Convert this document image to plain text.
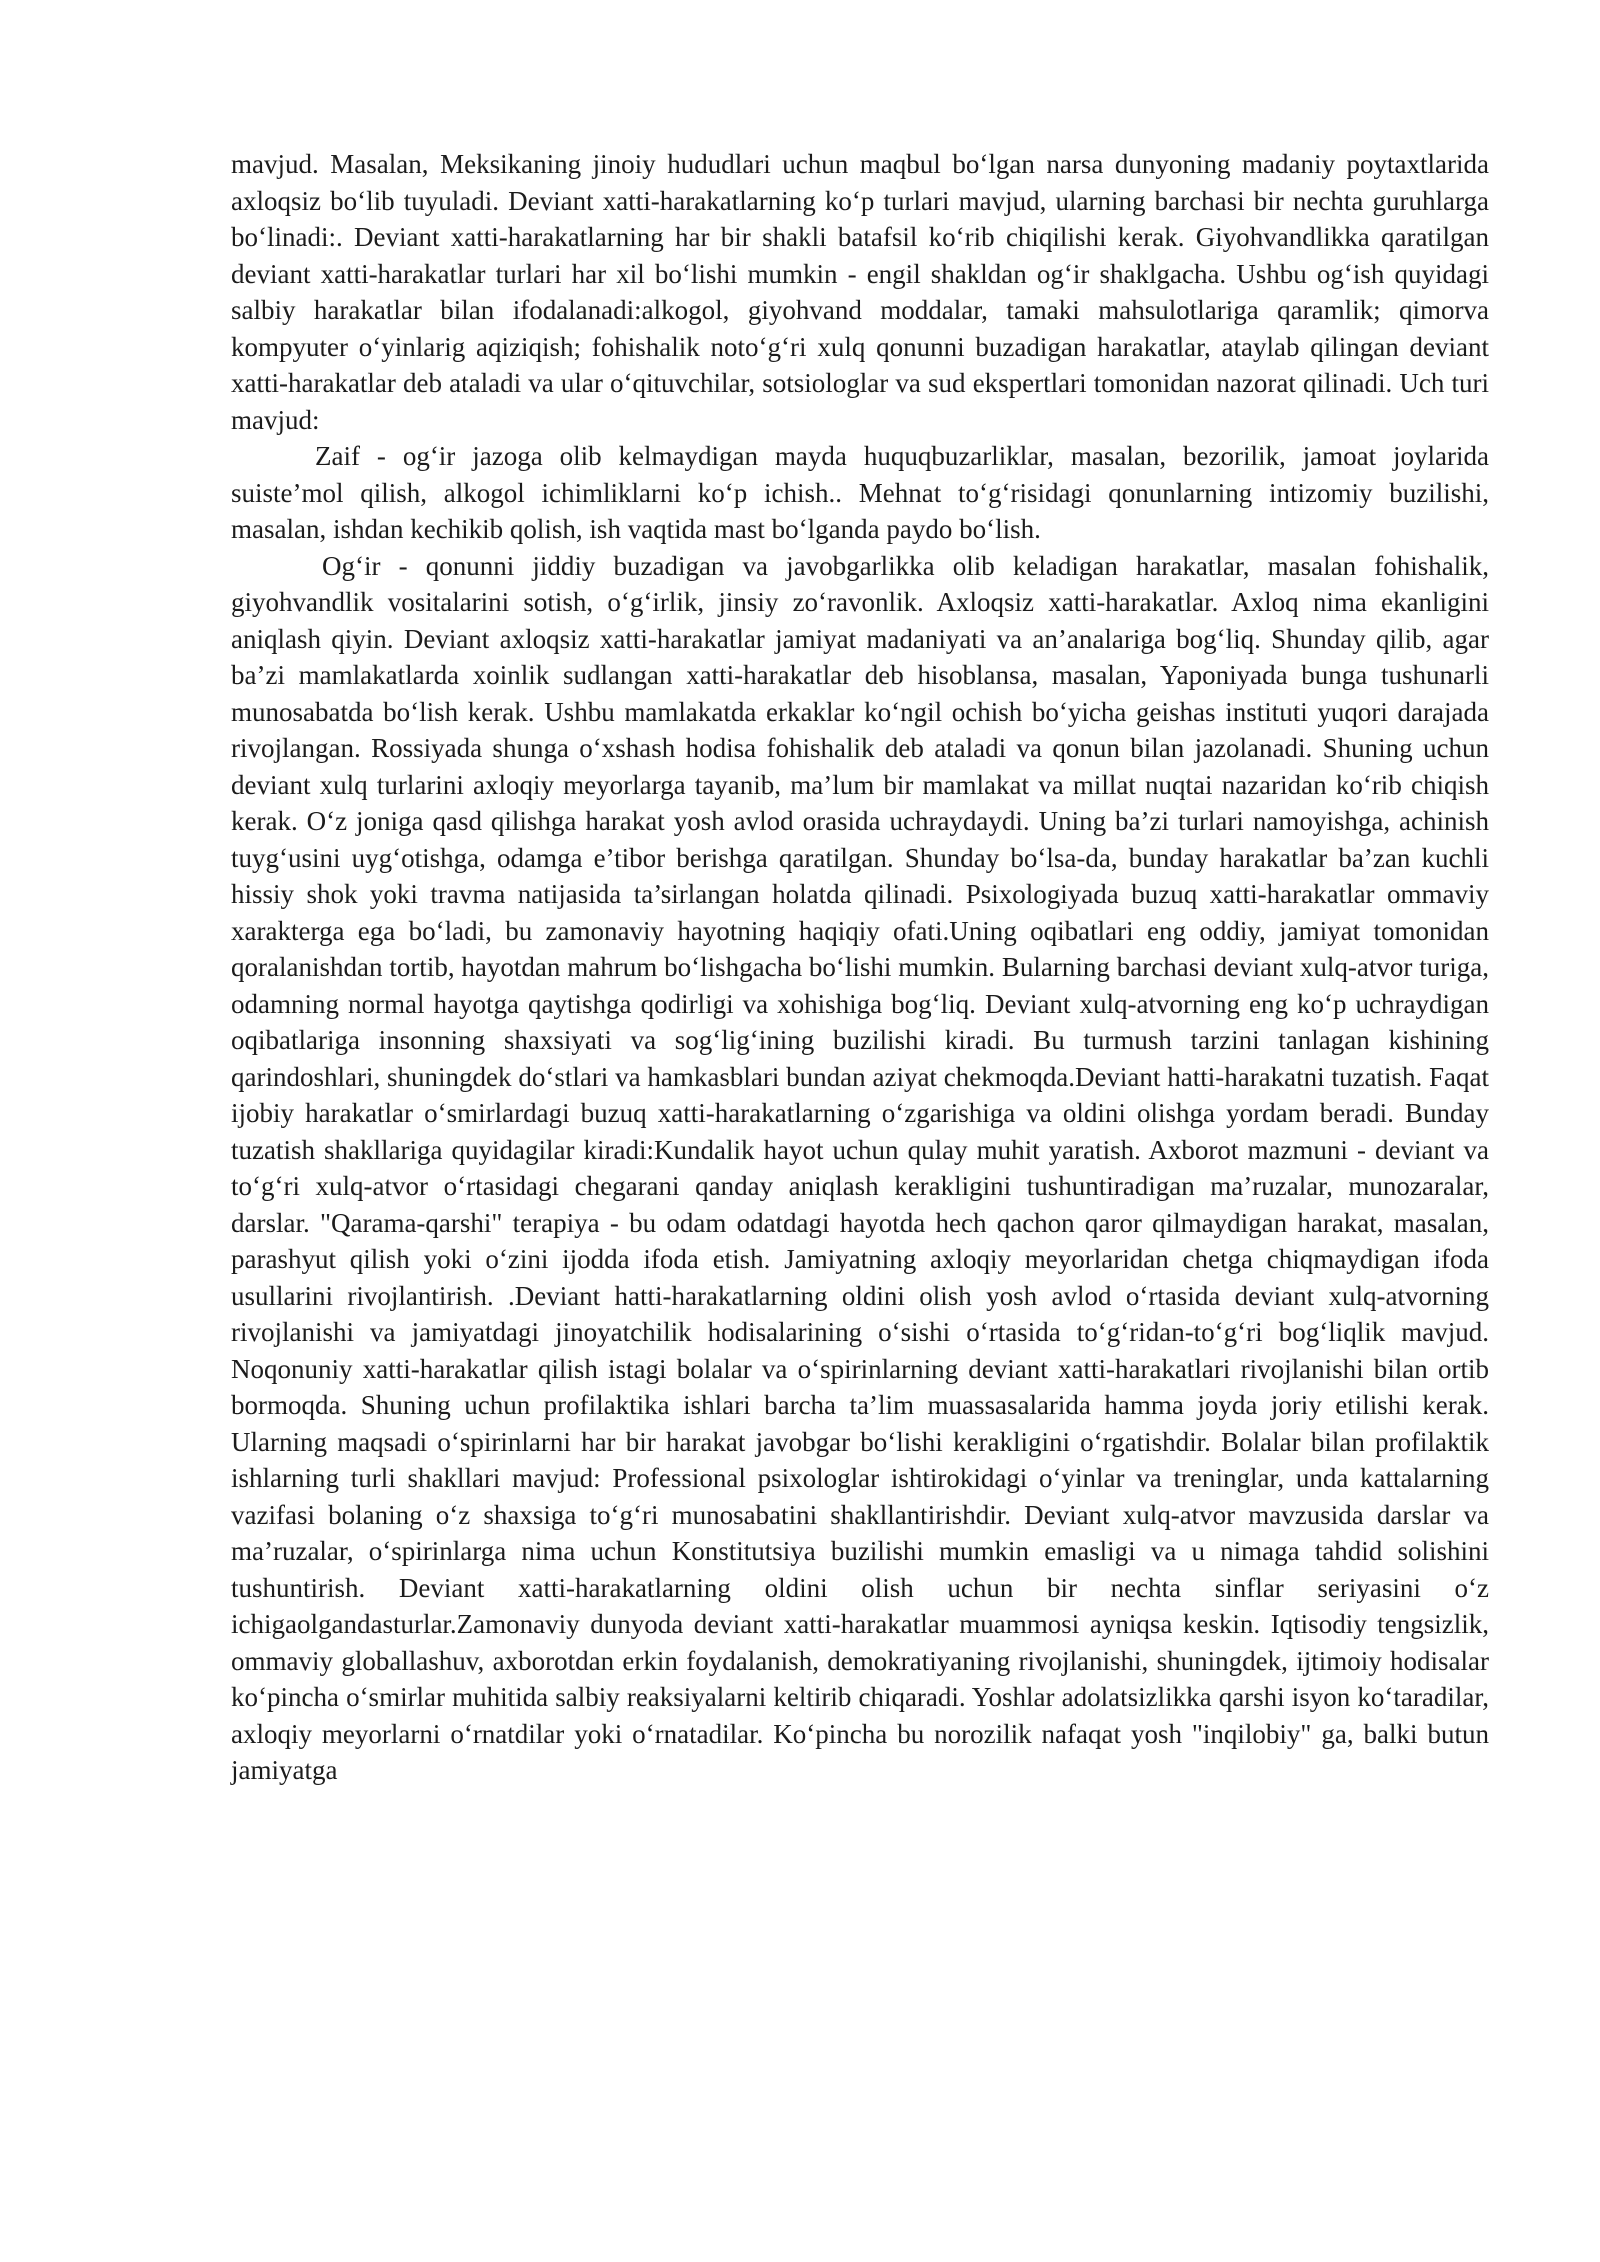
mavjud. Masalan, Meksikaning jinoiy hududlari uchun maqbul bo‘lgan narsa dunyoning madaniy poytaxtlarida axloqsiz bo‘lib tuyuladi. Deviant xatti-harakatlarning ko‘p turlari mavjud, ularning barchasi bir nechta guruhlarga bo‘linadi:. Deviant xatti-harakatlarning har bir shakli batafsil ko‘rib chiqilishi kerak. Giyohvandlikka qaratilgan deviant xatti-harakatlar turlari har xil bo‘lishi mumkin - engil shakldan og‘ir shaklgacha. Ushbu og‘ish quyidagi salbiy harakatlar bilan ifodalanadi:alkogol, giyohvand moddalar, tamaki mahsulotlariga qaramlik; qimorva kompyuter o‘yinlarig aqiziqish; fohishalik noto‘g‘ri xulq qonunni buzadigan harakatlar, ataylab qilingan deviant xatti-harakatlar deb ataladi va ular o‘qituvchilar, sotsiologlar va sud ekspertlari tomonidan nazorat qilinadi. Uch turi mavjud:

Zaif - og‘ir jazoga olib kelmaydigan mayda huquqbuzarliklar, masalan, bezorilik, jamoat joylarida suiste’mol qilish, alkogol ichimliklarni ko‘p ichish.. Mehnat to‘g‘risidagi qonunlarning intizomiy buzilishi, masalan, ishdan kechikib qolish, ish vaqtida mast bo‘lganda paydo bo‘lish.

Og‘ir - qonunni jiddiy buzadigan va javobgarlikka olib keladigan harakatlar, masalan fohishalik, giyohvandlik vositalarini sotish, o‘g‘irlik, jinsiy zo‘ravonlik. Axloqsiz xatti-harakatlar. Axloq nima ekanligini aniqlash qiyin. Deviant axloqsiz xatti-harakatlar jamiyat madaniyati va an’analariga bog‘liq. Shunday qilib, agar ba’zi mamlakatlarda xoinlik sudlangan xatti-harakatlar deb hisoblansa, masalan, Yaponiyada bunga tushunarli munosabatda bo‘lish kerak. Ushbu mamlakatda erkaklar ko‘ngil ochish bo‘yicha geishas instituti yuqori darajada rivojlangan. Rossiyada shunga o‘xshash hodisa fohishalik deb ataladi va qonun bilan jazolanadi. Shuning uchun deviant xulq turlarini axloqiy meyorlarga tayanib, ma’lum bir mamlakat va millat nuqtai nazaridan ko‘rib chiqish kerak. O‘z joniga qasd qilishga harakat yosh avlod orasida uchraydaydi. Uning ba’zi turlari namoyishga, achinish tuyg‘usini uyg‘otishga, odamga e’tibor berishga qaratilgan. Shunday bo‘lsa-da, bunday harakatlar ba’zan kuchli hissiy shok yoki travma natijasida ta’sirlangan holatda qilinadi. Psixologiyada buzuq xatti-harakatlar ommaviy xarakterga ega bo‘ladi, bu zamonaviy hayotning haqiqiy ofati.Uning oqibatlari eng oddiy, jamiyat tomonidan qoralanishdan tortib, hayotdan mahrum bo‘lishgacha bo‘lishi mumkin. Bularning barchasi deviant xulq-atvor turiga, odamning normal hayotga qaytishga qodirligi va xohishiga bog‘liq. Deviant xulq-atvorning eng ko‘p uchraydigan oqibatlariga insonning shaxsiyati va sog‘lig‘ining buzilishi kiradi. Bu turmush tarzini tanlagan kishining qarindoshlari, shuningdek do‘stlari va hamkasblari bundan aziyat chekmoqda.Deviant hatti-harakatni tuzatish. Faqat ijobiy harakatlar o‘smirlardagi buzuq xatti-harakatlarning o‘zgarishiga va oldini olishga yordam beradi. Bunday tuzatish shakllariga quyidagilar kiradi:Kundalik hayot uchun qulay muhit yaratish. Axborot mazmuni - deviant va to‘g‘ri xulq-atvor o‘rtasidagi chegarani qanday aniqlash kerakligini tushuntiradigan ma’ruzalar, munozaralar, darslar. "Qarama-qarshi" terapiya - bu odam odatdagi hayotda hech qachon qaror qilmaydigan harakat, masalan, parashyut qilish yoki o‘zini ijodda ifoda etish. Jamiyatning axloqiy meyorlaridan chetga chiqmaydigan ifoda usullarini rivojlantirish. .Deviant hatti-harakatlarning oldini olish yosh avlod o‘rtasida deviant xulq-atvorning rivojlanishi va jamiyatdagi jinoyatchilik hodisalarining o‘sishi o‘rtasida to‘g‘ridan-to‘g‘ri bog‘liqlik mavjud. Noqonuniy xatti-harakatlar qilish istagi bolalar va o‘spirinlarning deviant xatti-harakatlari rivojlanishi bilan ortib bormoqda. Shuning uchun profilaktika ishlari barcha ta’lim muassasalarida hamma joyda joriy etilishi kerak. Ularning maqsadi o‘spirinlarni har bir harakat javobgar bo‘lishi kerakligini o‘rgatishdir. Bolalar bilan profilaktik ishlarning turli shakllari mavjud: Professional psixologlar ishtirokidagi o‘yinlar va treninglar, unda kattalarning vazifasi bolaning o‘z shaxsiga to‘g‘ri munosabatini shakllantirishdir. Deviant xulq-atvor mavzusida darslar va ma’ruzalar, o‘spirinlarga nima uchun Konstitutsiya buzilishi mumkin emasligi va u nimaga tahdid solishini tushuntirish. Deviant xatti-harakatlarning oldini olish uchun bir nechta sinflar seriyasini o‘z ichigaolgandasturlar.Zamonaviy dunyoda deviant xatti-harakatlar muammosi ayniqsa keskin. Iqtisodiy tengsizlik, ommaviy globallashuv, axborotdan erkin foydalanish, demokratiyaning rivojlanishi, shuningdek, ijtimoiy hodisalar ko‘pincha o‘smirlar muhitida salbiy reaksiyalarni keltirib chiqaradi. Yoshlar adolatsizlikka qarshi isyon ko‘taradilar, axloqiy meyorlarni o‘rnatdilar yoki o‘rnatadilar. Ko‘pincha bu norozilik nafaqat yosh "inqilobiy" ga, balki butun jamiyatga
